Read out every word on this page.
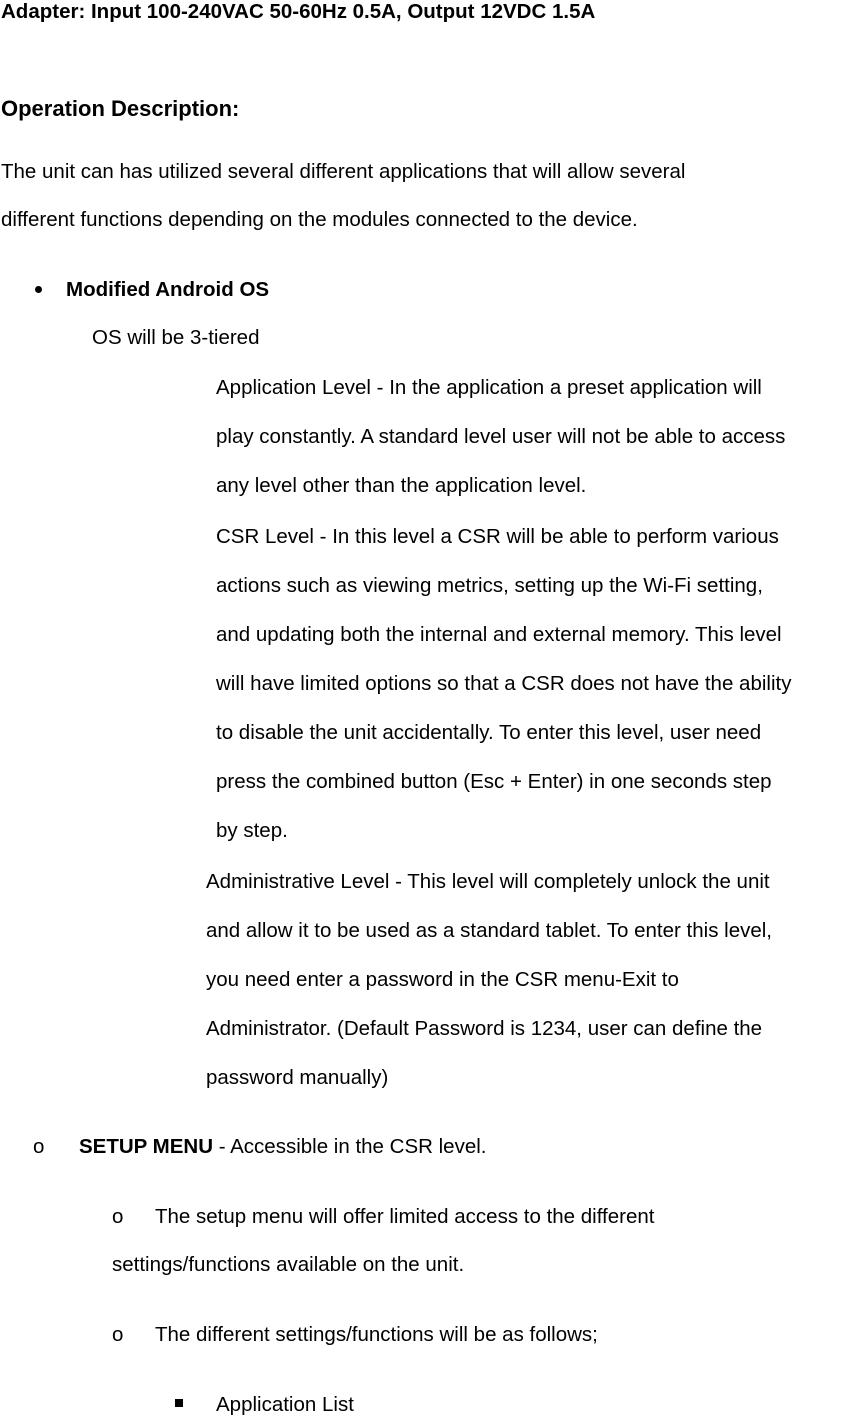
Adapter: Input 100-240VAC 50-60Hz 0.5A, Output 12VDC 1.5A
Operation Description:
The unit can has utilized several different applications that will allow several
different functions depending on the modules connected to the device.
Modified Android OS
OS will be 3-tiered
Application Level - In the application a preset application will
play constantly. A standard level user will not be able to access
any level other than the application level.
CSR Level - In this level a CSR will be able to perform various
actions such as viewing metrics, setting up the Wi-Fi setting,
and updating both the internal and external memory. This level
will have limited options so that a CSR does not have the ability
to disable the unit accidentally. To enter this level, user need
press the combined button (Esc + Enter) in one seconds step
by step.
Administrative Level - This level will completely unlock the unit
and allow it to be used as a standard tablet. To enter this level,
you need enter a password in the CSR menu-Exit to
Administrator. (Default Password is 1234, user can define the
password manually)
o SETUP MENU - Accessible in the CSR level.
o The setup menu will offer limited access to the different
settings/functions available on the unit.
o The different settings/functions will be as follows;
Application List
